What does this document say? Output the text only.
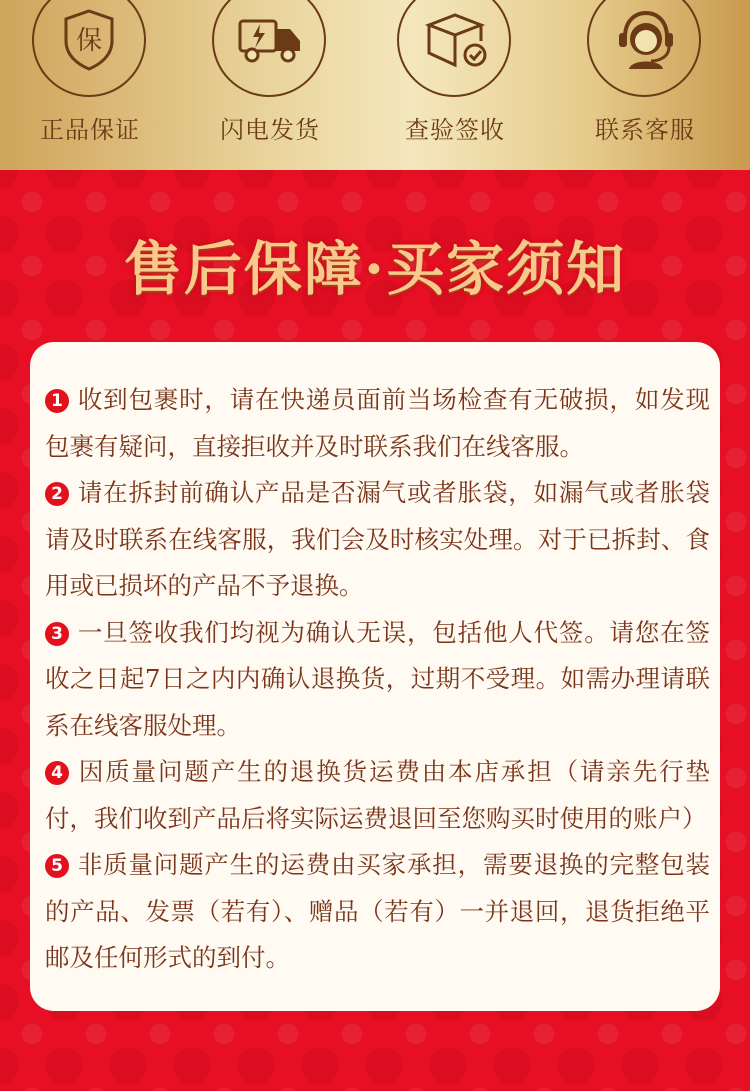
保
正品保证	闪电发货	查验签收	联系客服
售后保障·买家须知
1 收到包裹时，请在快递员面前当场检查有无破损，如发现包裹有疑问，直接拒收并及时联系我们在线客服。
2 请在拆封前确认产品是否漏气或者胀袋，如漏气或者胀袋请及时联系在线客服，我们会及时核实处理。对于已拆封、食用或已损坏的产品不予退换。
3 一旦签收我们均视为确认无误，包括他人代签。请您在签收之日起7日之内内确认退换货，过期不受理。如需办理请联系在线客服处理。
4 因质量问题产生的退换货运费由本店承担（请亲先行垫付，我们收到产品后将实际运费退回至您购买时使用的账户）
5 非质量问题产生的运费由买家承担，需要退换的完整包装的产品、发票（若有）、赠品（若有）一并退回，退货拒绝平邮及任何形式的到付。
